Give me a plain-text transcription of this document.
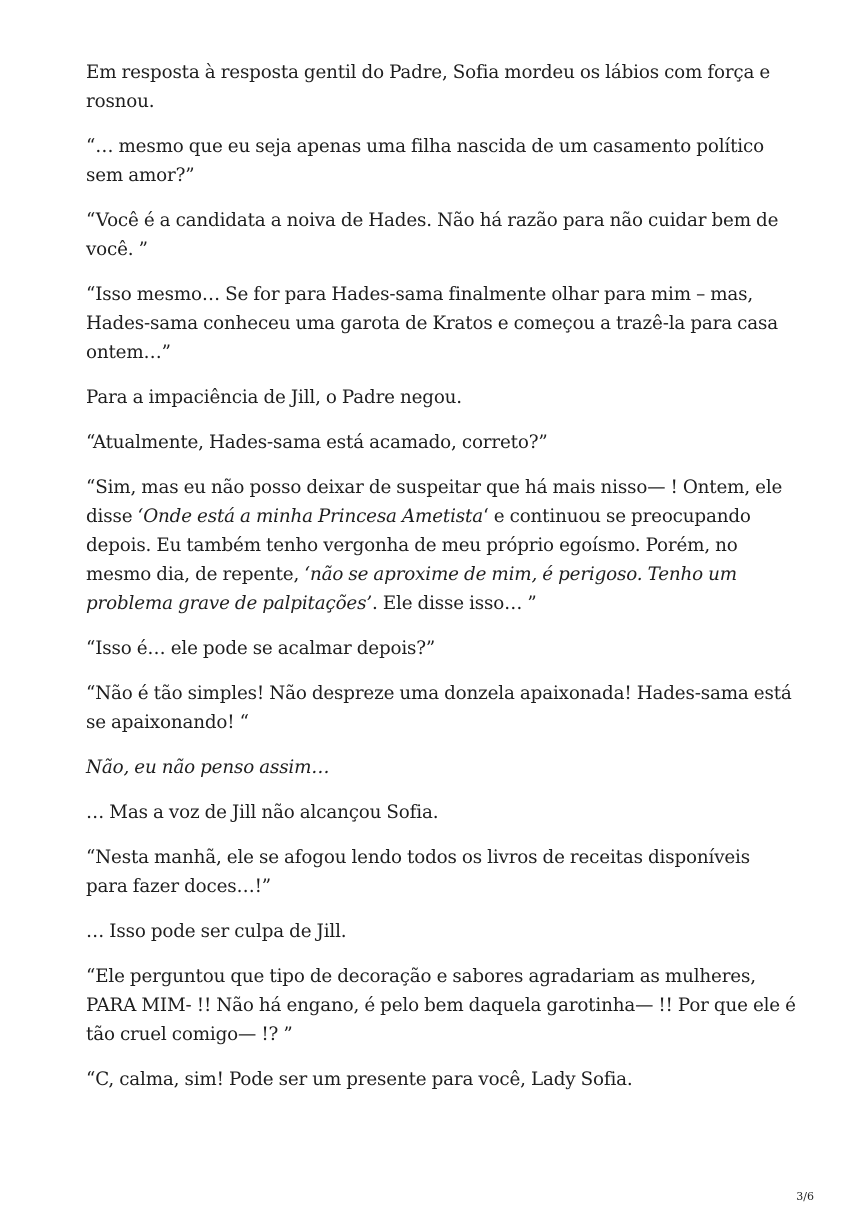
Em resposta à resposta gentil do Padre, Sofia mordeu os lábios com força e rosnou.

“… mesmo que eu seja apenas uma filha nascida de um casamento político sem amor?”

“Você é a candidata a noiva de Hades. Não há razão para não cuidar bem de você. ”

“Isso mesmo… Se for para Hades-sama finalmente olhar para mim – mas, Hades-sama conheceu uma garota de Kratos e começou a trazê-la para casa ontem…”

Para a impaciência de Jill, o Padre negou.

“Atualmente, Hades-sama está acamado, correto?”

“Sim, mas eu não posso deixar de suspeitar que há mais nisso— ! Ontem, ele disse ‘Onde está a minha Princesa Ametista‘ e continuou se preocupando depois. Eu também tenho vergonha de meu próprio egoísmo. Porém, no mesmo dia, de repente, ‘não se aproxime de mim, é perigoso. Tenho um problema grave de palpitações’. Ele disse isso… ”

“Isso é… ele pode se acalmar depois?”

“Não é tão simples! Não despreze uma donzela apaixonada! Hades-sama está se apaixonando! “

Não, eu não penso assim…

… Mas a voz de Jill não alcançou Sofia.

“Nesta manhã, ele se afogou lendo todos os livros de receitas disponíveis para fazer doces…!”

… Isso pode ser culpa de Jill.

“Ele perguntou que tipo de decoração e sabores agradariam as mulheres, PARA MIM- !! Não há engano, é pelo bem daquela garotinha— !! Por que ele é tão cruel comigo— !? ”

“C, calma, sim! Pode ser um presente para você, Lady Sofia.

3/6
